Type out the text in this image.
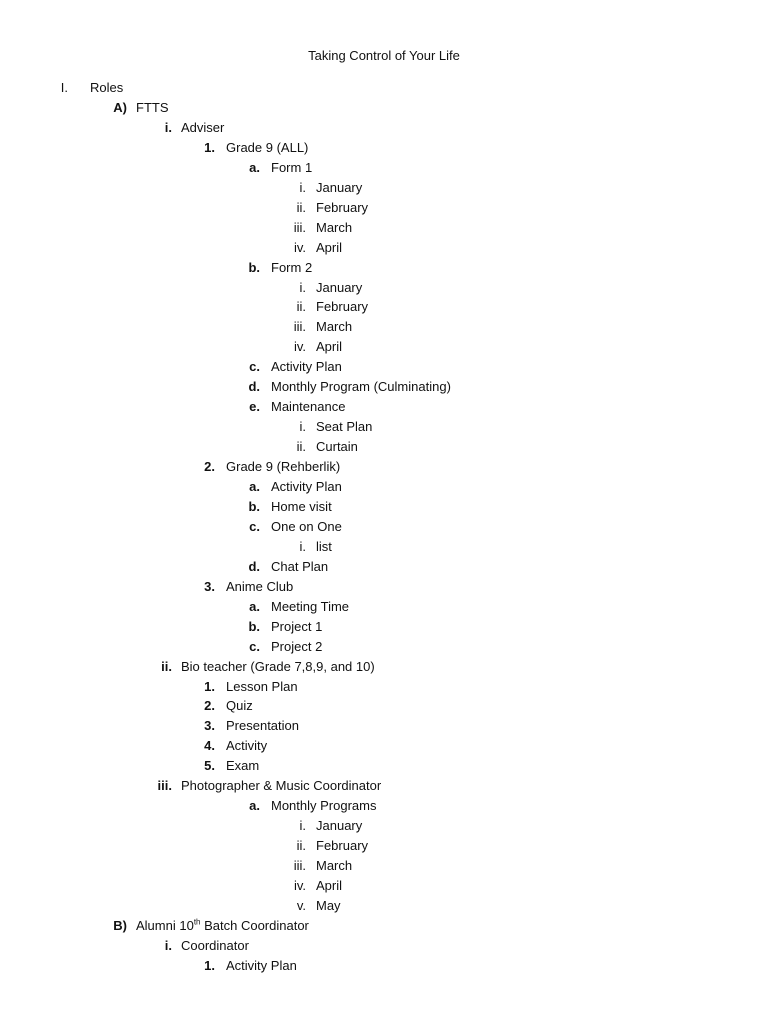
Taking Control of Your Life
I. Roles
A) FTTS
i. Adviser
1. Grade 9 (ALL)
a. Form 1
i. January
ii. February
iii. March
iv. April
b. Form 2
i. January
ii. February
iii. March
iv. April
c. Activity Plan
d. Monthly Program (Culminating)
e. Maintenance
i. Seat Plan
ii. Curtain
2. Grade 9 (Rehberlik)
a. Activity Plan
b. Home visit
c. One on One
i. list
d. Chat Plan
3. Anime Club
a. Meeting Time
b. Project 1
c. Project 2
ii. Bio teacher (Grade 7,8,9, and 10)
1. Lesson Plan
2. Quiz
3. Presentation
4. Activity
5. Exam
iii. Photographer & Music Coordinator
a. Monthly Programs
i. January
ii. February
iii. March
iv. April
v. May
B) Alumni 10th Batch Coordinator
i. Coordinator
1. Activity Plan
